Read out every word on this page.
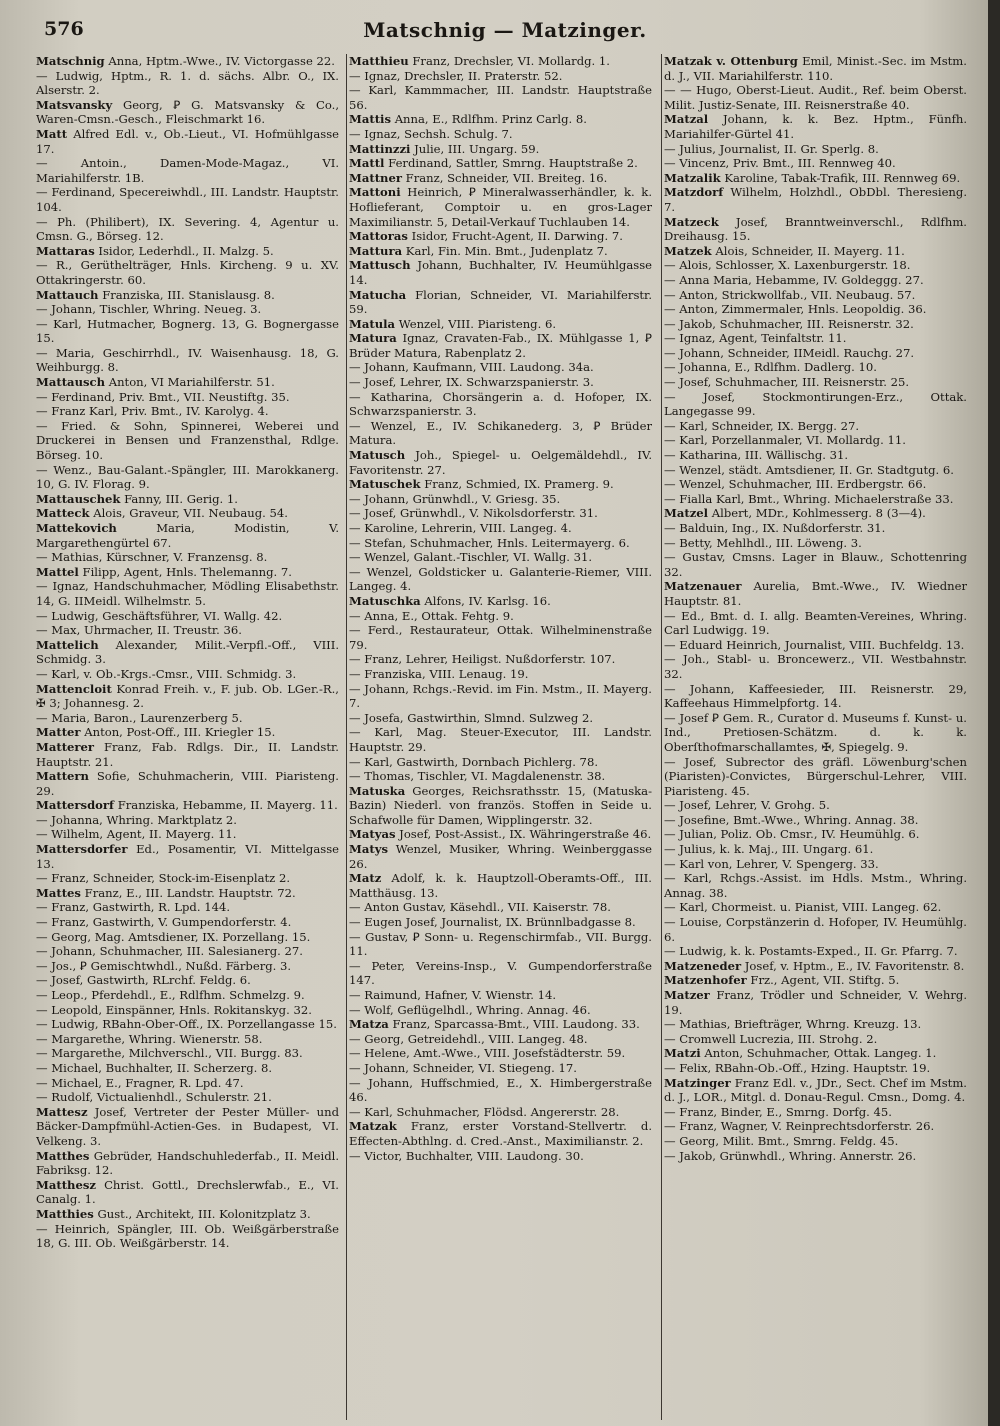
576	Matschnig — Matzinger.

Matschnig Anna, Hptm.-Wwe., IV. Victorgasse 22.

— Ludwig, Hptm., R. 1. d. sächs. Albr. O., IX. Alserstr. 2.

Matsvansky Georg, Ꝑ G. Matsvansky & Co., Waren-Cmsn.-Gesch., Fleischmarkt 16.

Matt Alfred Edl. v., Ob.-Lieut., VI. Hofmühlgasse 17.

— Antoin., Damen-Mode-Magaz., VI. Mariahilferstr. 1B.

— Ferdinand, Specereiwhdl., III. Landstr. Hauptstr. 104.

— Ph. (Philibert), IX. Severing. 4, Agentur u. Cmsn. G., Börseg. 12.

Mattaras Isidor, Lederhdl., II. Malzg. 5.

— R., Gerüthelträger, Hnls. Kircheng. 9 u. XV. Ottakringerstr. 60.

Mattauch Franziska, III. Stanislausg. 8.

— Johann, Tischler, Whring. Neueg. 3.

— Karl, Hutmacher, Bognerg. 13, G. Bognergasse 15.

— Maria, Geschirrhdl., IV. Waisenhausg. 18, G. Weihburgg. 8.

Mattausch Anton, VI Mariahilferstr. 51.

— Ferdinand, Priv. Bmt., VII. Neustiftg. 35.

— Franz Karl, Priv. Bmt., IV. Karolyg. 4.

— Fried. & Sohn, Spinnerei, Weberei und Druckerei in Bensen und Franzensthal, Rdlge. Börseg. 10.

— Wenz., Bau-Galant.-Spängler, III. Marokkanerg. 10, G. IV. Florag. 9.

Mattauschek Fanny, III. Gerig. 1.

Matteck Alois, Graveur, VII. Neubaug. 54.

Mattekovich	Maria, Modistin, V. Margarethengürtel 67.

— Mathias, Kürschner, V. Franzensg. 8.

Mattel Filipp, Agent, Hnls. Thelemanng. 7.

— Ignaz, Handschuhmacher, Mödling Elisabethstr. 14, G. IIMeidl. Wilhelmstr. 5.

— Ludwig, Geschäftsführer, VI. Wallg. 42.

— Max, Uhrmacher, II. Treustr. 36.

Mattelich Alexander, Milit.-Verpfl.-Off., VIII. Schmidg. 3.

— Karl, v. Ob.-Krgs.-Cmsr., VIII. Schmidg. 3.

Mattencloit Konrad Freih. v., F. jub. Ob. LGer.-R., ✠ 3; Johannesg. 2.

— Maria, Baron., Laurenzerberg 5.

Matter Anton, Post-Off., III. Kriegler 15.

Matterer Franz, Fab. Rdlgs. Dir., II. Landstr. Hauptstr. 21.

Mattern Sofie, Schuhmacherin, VIII. Piaristeng. 29.

Mattersdorf Franziska, Hebamme, II. Mayerg. 11.

— Johanna, Whring. Marktplatz 2.

— Wilhelm, Agent, II. Mayerg. 11.

Mattersdorfer Ed., Posamentir, VI. Mittelgasse 13.

— Franz, Schneider, Stock-im-Eisenplatz 2.

Mattes Franz, E., III. Landstr. Hauptstr. 72.

— Franz, Gastwirth, R. Lpd. 144.

— Franz, Gastwirth, V. Gumpendorferstr. 4.

— Georg, Mag. Amtsdiener, IX. Porzellang. 15.

— Johann, Schuhmacher, III. Salesianerg. 27.

— Jos., Ꝑ Gemischtwhdl., Nußd. Färberg. 3.

— Josef, Gastwirth, RLrchf. Feldg. 6.

— Leop., Pferdehdl., E., Rdlfhm. Schmelzg. 9.

— Leopold, Einspänner, Hnls. Rokitanskyg. 32.

— Ludwig, RBahn-Ober-Off., IX. Porzellangasse 15.

— Margarethe, Whring. Wienerstr. 58.

— Margarethe, Milchverschl., VII. Burgg. 83.

— Michael, Buchhalter, II. Scherzerg. 8.

— Michael, E., Fragner, R. Lpd. 47.

— Rudolf, Victualienhdl., Schulerstr. 21.

Mattesz Josef, Vertreter der Pester Müller- und Bäcker-Dampfmühl-Actien-Ges. in Budapest, VI. Velkeng. 3.

Matthes Gebrüder, Handschuhlederfab., II. Meidl. Fabriksg. 12.

Matthesz Christ. Gottl., Drechslerwfab., E., VI. Canalg. 1.

Matthies Gust., Architekt, III. Kolonitzplatz 3.

— Heinrich, Spängler, III. Ob. Weißgärberstraße 18, G. III. Ob. Weißgärberstr. 14.

Matthieu Franz, Drechsler, VI. Mollardg. 1.

— Ignaz, Drechsler, II. Praterstr. 52.

— Karl, Kammmacher, III. Landstr. Hauptstraße 56.

Mattis Anna, E., Rdlfhm. Prinz Carlg. 8.

— Ignaz, Sechsh. Schulg. 7.

Mattinzzi Julie, III. Ungarg. 59.

Mattl Ferdinand, Sattler, Smrng. Hauptstraße 2.

Mattner Franz, Schneider, VII. Breiteg. 16.

Mattoni Heinrich, Ꝑ Mineralwasserhändler, k. k. Hoflieferant, Comptoir u. en gros-Lager Maximilianstr. 5, Detail-Verkauf Tuchlauben 14.

Mattoras Isidor, Frucht-Agent, II. Darwing. 7.

Mattura Karl, Fin. Min. Bmt., Judenplatz 7.

Mattusch Johann, Buchhalter, IV. Heumühlgasse 14.

Matucha Florian, Schneider, VI. Mariahilferstr. 59.

Matula Wenzel, VIII. Piaristeng. 6.

Matura Ignaz, Cravaten-Fab., IX. Mühlgasse 1, Ꝑ Brüder Matura, Rabenplatz 2.

— Johann, Kaufmann, VIII. Laudong. 34a.

— Josef, Lehrer, IX. Schwarzspanierstr. 3.

— Katharina, Chorsängerin a. d. Hofoper, IX. Schwarzspanierstr. 3.

— Wenzel, E., IV. Schikanederg. 3, Ꝑ Brüder Matura.

Matusch Joh., Spiegel- u. Oelgemäldehdl., IV. Favoritenstr. 27.

Matuschek Franz, Schmied, IX. Pramerg. 9.

— Johann, Grünwhdl., V. Griesg. 35.

— Josef, Grünwhdl., V. Nikolsdorferstr. 31.

— Karoline, Lehrerin, VIII. Langeg. 4.

— Stefan, Schuhmacher, Hnls. Leitermayerg. 6.

— Wenzel, Galant.-Tischler, VI. Wallg. 31.

— Wenzel, Goldsticker u. Galanterie-Riemer, VIII. Langeg. 4.

Matuschka Alfons, IV. Karlsg. 16.

— Anna, E., Ottak. Fehtg. 9.

— Ferd., Restaurateur, Ottak. Wilhelminenstraße 79.

— Franz, Lehrer, Heiligst. Nußdorferstr. 107.

— Franziska, VIII. Lenaug. 19.

— Johann, Rchgs.-Revid. im Fin. Mstm., II. Mayerg. 7.

— Josefa, Gastwirthin, Slmnd. Sulzweg 2.

— Karl, Mag. Steuer-Executor, III. Landstr. Hauptstr. 29.

— Karl, Gastwirth, Dornbach Pichlerg. 78.

— Thomas, Tischler, VI. Magdalenenstr. 38.

Matuska Georges, Reichsrathsstr. 15, (Matuska-Bazin) Niederl. von französ. Stoffen in Seide u. Schafwolle für Damen, Wipplingerstr. 32.

Matyas Josef, Post-Assist., IX. Währingerstraße 46.

Matys Wenzel, Musiker, Whring. Weinberggasse 26.

Matz Adolf, k. k. Hauptzoll-Oberamts-Off., III. Matthäusg. 13.

— Anton Gustav, Käsehdl., VII. Kaiserstr. 78.

— Eugen Josef, Journalist, IX. Brünnlbadgasse 8.

— Gustav, Ꝑ Sonn- u. Regenschirmfab., VII. Burgg. 11.

— Peter, Vereins-Insp., V. Gumpendorferstraße 147.

— Raimund, Hafner, V. Wienstr. 14.

— Wolf, Geflügelhdl., Whring. Annag. 46.

Matza Franz, Sparcassa-Bmt., VIII. Laudong. 33.

— Georg, Getreidehdl., VIII. Langeg. 48.

— Helene, Amt.-Wwe., VIII. Josefstädterstr. 59.

— Johann, Schneider, VI. Stiegeng. 17.

— Johann, Huffschmied, E., X. Himbergerstraße 46.

— Karl, Schuhmacher, Flödsd. Angererstr. 28.

Matzak Franz, erster Vorstand-Stellvertr. d. Effecten-Abthlng. d. Cred.-Anst., Maximilianstr. 2.

— Victor, Buchhalter, VIII. Laudong. 30.

Matzak v. Ottenburg Emil, Minist.-Sec. im Mstm. d. J., VII. Mariahilferstr. 110.

— — Hugo, Oberst-Lieut. Audit., Ref. beim Oberst. Milit. Justiz-Senate, III. Reisnerstraße 40.

Matzal Johann, k. k. Bez. Hptm., Fünfh. Mariahilfer-Gürtel 41.

— Julius, Journalist, II. Gr. Sperlg. 8.

— Vincenz, Priv. Bmt., III. Rennweg 40.

Matzalik Karoline, Tabak-Trafik, III. Rennweg 69.

Matzdorf Wilhelm, Holzhdl., ObDbl. Theresieng. 7.

Matzeck Josef, Branntweinverschl., Rdlfhm. Dreihausg. 15.

Matzek Alois, Schneider, II. Mayerg. 11.

— Alois, Schlosser, X. Laxenburgerstr. 18.

— Anna Maria, Hebamme, IV. Goldeggg. 27.

— Anton, Strickwollfab., VII. Neubaug. 57.

— Anton, Zimmermaler, Hnls. Leopoldig. 36.

— Jakob, Schuhmacher, III. Reisnerstr. 32.

— Ignaz, Agent, Teinfaltstr. 11.

— Johann, Schneider, IIMeidl. Rauchg. 27.

— Johanna, E., Rdlfhm. Dadlerg. 10.

— Josef, Schuhmacher, III. Reisnerstr. 25.

— Josef, Stockmontirungen-Erz., Ottak. Langegasse 99.

— Karl, Schneider, IX. Bergg. 27.

— Karl, Porzellanmaler, VI. Mollardg. 11.

— Katharina, III. Wällischg. 31.

— Wenzel, städt. Amtsdiener, II. Gr. Stadtgutg. 6.

— Wenzel, Schuhmacher, III. Erdbergstr. 66.

— Fialla Karl, Bmt., Whring. Michaelerstraße 33.

Matzel Albert, MDr., Kohlmesserg. 8 (3—4).

— Balduin, Ing., IX. Nußdorferstr. 31.

— Betty, Mehlhdl., III. Löweng. 3.

— Gustav, Cmsns. Lager in Blauw., Schottenring 32.

Matzenauer Aurelia, Bmt.-Wwe., IV. Wiedner Hauptstr. 81.

— Ed., Bmt. d. I. allg. Beamten-Vereines, Whring. Carl Ludwigg. 19.

— Eduard Heinrich, Journalist, VIII. Buchfeldg. 13.

— Joh., Stabl- u. Broncewerz., VII. Westbahnstr. 32.

— Johann, Kaffeesieder, III. Reisnerstr. 29, Kaffeehaus Himmelpfortg. 14.

— Josef Ꝑ Gem. R., Curator d. Museums f. Kunst- u. Ind., Pretiosen-Schätzm. d. k. k. Oberſthofmarschallamtes, ✠, Spiegelg. 9.

— Josef, Subrector des gräfl. Löwenburg'schen (Piaristen)-Convictes, Bürgerschul-Lehrer, VIII. Piaristeng. 45.

— Josef, Lehrer, V. Grohg. 5.

— Josefine, Bmt.-Wwe., Whring. Annag. 38.

— Julian, Poliz. Ob. Cmsr., IV. Heumühlg. 6.

— Julius, k. k. Maj., III. Ungarg. 61.

— Karl von, Lehrer, V. Spengerg. 33.

— Karl, Rchgs.-Assist. im Hdls. Mstm., Whring. Annag. 38.

— Karl, Chormeist. u. Pianist, VIII. Langeg. 62.

— Louise, Corpstänzerin d. Hofoper, IV. Heumühlg. 6.

— Ludwig, k. k. Postamts-Exped., II. Gr. Pfarrg. 7.

Matzeneder Josef, v. Hptm., E., IV. Favoritenstr. 8.

Matzenhofer Frz., Agent, VII. Stiftg. 5.

Matzer Franz, Trödler und Schneider, V. Wehrg. 19.

— Mathias, Briefträger, Whrng. Kreuzg. 13.

— Cromwell Lucrezia, III. Strohg. 2.

Matzi Anton, Schuhmacher, Ottak. Langeg. 1.

— Felix, RBahn-Ob.-Off., Hzing. Hauptstr. 19.

Matzinger Franz Edl. v., JDr., Sect. Chef im Mstm. d. J., LOR., Mitgl. d. Donau-Regul. Cmsn., Domg. 4.

— Franz, Binder, E., Smrng. Dorfg. 45.

— Franz, Wagner, V. Reinprechtsdorferstr. 26.

— Georg, Milit. Bmt., Smrng. Feldg. 45.

— Jakob, Grünwhdl., Whring. Annerstr. 26.
